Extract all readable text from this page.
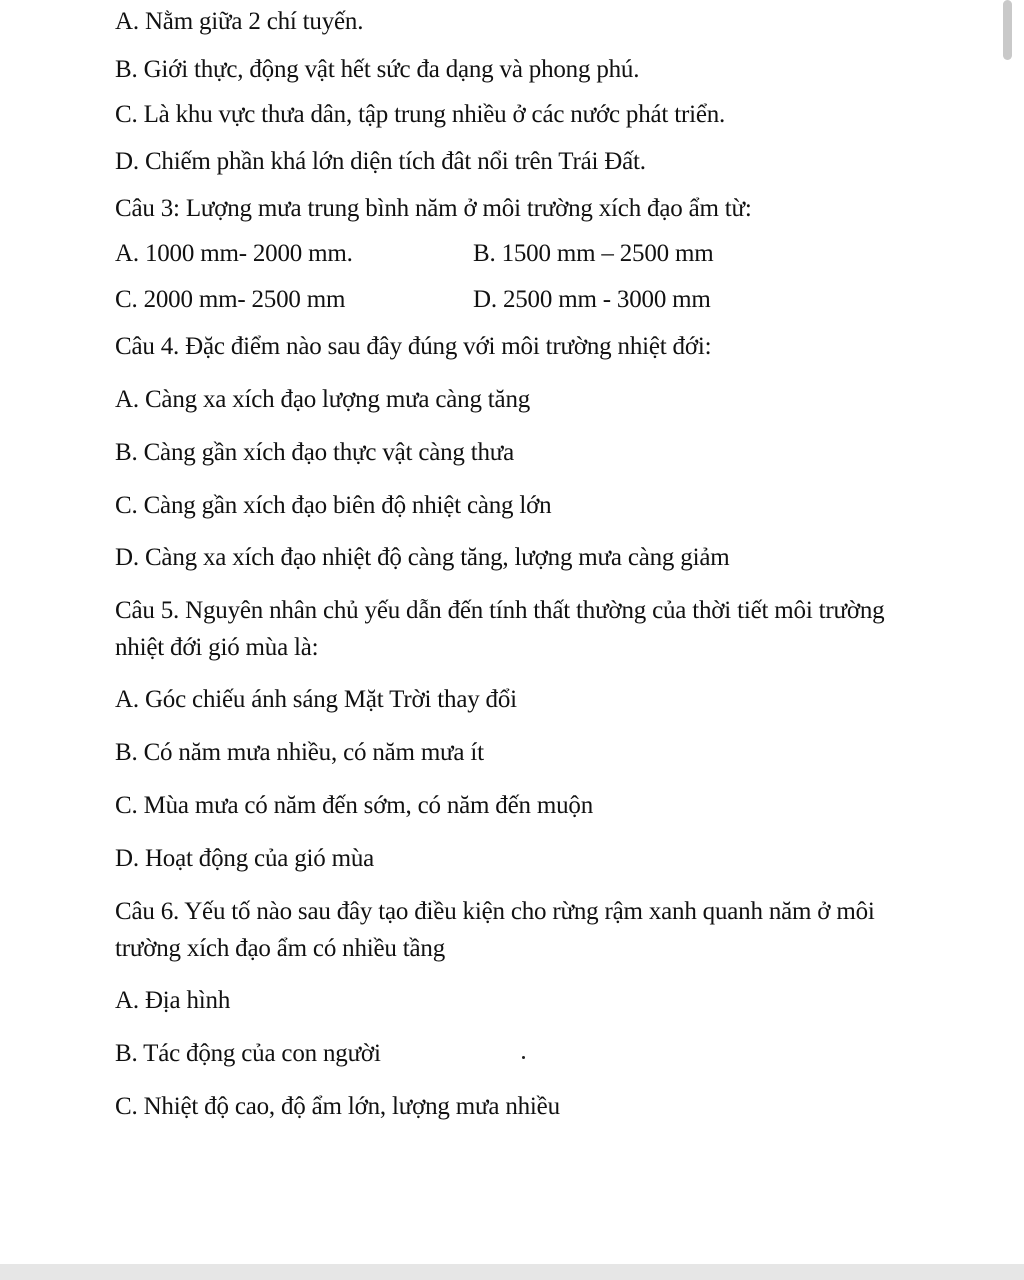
A. Nằm giữa 2 chí tuyến.
B. Giới thực, động vật hết sức đa dạng và phong phú.
C. Là khu vực thưa dân, tập trung nhiều ở các nước phát triển.
D. Chiếm phần khá lớn diện tích đât nổi trên Trái Đất.
Câu 3: Lượng mưa trung bình năm ở môi trường xích đạo ẩm từ:
A. 1000 mm- 2000 mm.	B. 1500 mm – 2500 mm
C. 2000 mm- 2500 mm	D. 2500 mm - 3000 mm
Câu 4. Đặc điểm nào sau đây đúng với môi trường nhiệt đới:
A. Càng xa xích đạo lượng mưa càng tăng
B. Càng gần xích đạo thực vật càng thưa
C. Càng gần xích đạo biên độ nhiệt càng lớn
D. Càng xa xích đạo nhiệt độ càng tăng, lượng mưa càng giảm
Câu 5. Nguyên nhân chủ yếu dẫn đến tính thất thường của thời tiết môi trường
nhiệt đới gió mùa là:
A. Góc chiếu ánh sáng Mặt Trời thay đổi
B. Có năm mưa nhiều, có năm mưa ít
C. Mùa mưa có năm đến sớm, có năm đến muộn
D. Hoạt động của gió mùa
Câu 6. Yếu tố nào sau đây tạo điều kiện cho rừng rậm xanh quanh năm ở môi
trường xích đạo ẩm có nhiều tầng
A. Địa hình
B. Tác động của con người
C. Nhiệt độ cao, độ ẩm lớn, lượng mưa nhiều
